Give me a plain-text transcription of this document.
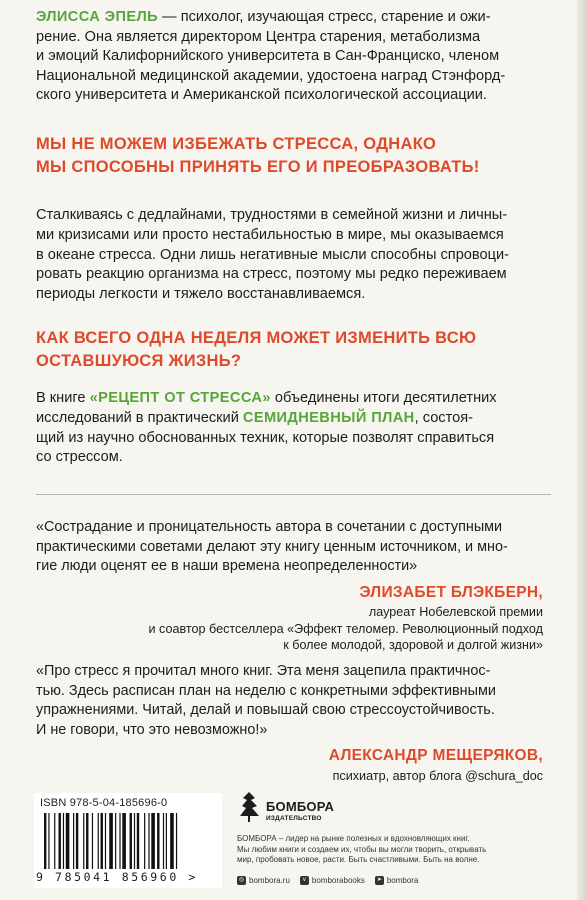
ЭЛИССА ЭПЕЛЬ — психолог, изучающая стресс, старение и ожи-
рение. Она является директором Центра старения, метаболизма
и эмоций Калифорнийского университета в Сан-Франциско, членом
Национальной медицинской академии, удостоена наград Стэнфорд-
ского университета и Американской психологической ассоциации.
МЫ НЕ МОЖЕМ ИЗБЕЖАТЬ СТРЕССА, ОДНАКО
МЫ СПОСОБНЫ ПРИНЯТЬ ЕГО И ПРЕОБРАЗОВАТЬ!
Сталкиваясь с дедлайнами, трудностями в семейной жизни и личны-
ми кризисами или просто нестабильностью в мире, мы оказываемся
в океане стресса. Одни лишь негативные мысли способны спровоци-
ровать реакцию организма на стресс, поэтому мы редко переживаем
периоды легкости и тяжело восстанавливаемся.
КАК ВСЕГО ОДНА НЕДЕЛЯ МОЖЕТ ИЗМЕНИТЬ ВСЮ
ОСТАВШУЮСЯ ЖИЗНЬ?
В книге «РЕЦЕПТ ОТ СТРЕССА» объединены итоги десятилетних
исследований в практический СЕМИДНЕВНЫЙ ПЛАН, состоя-
щий из научно обоснованных техник, которые позволят справиться
со стрессом.
«Сострадание и проницательность автора в сочетании с доступными
практическими советами делают эту книгу ценным источником, и мно-
гие люди оценят ее в наши времена неопределенности»
ЭЛИЗАБЕТ БЛЭКБЕРН,
лауреат Нобелевской премии
и соавтор бестселлера «Эффект теломер. Революционный подход
к более молодой, здоровой и долгой жизни»
«Про стресс я прочитал много книг. Эта меня зацепила практичнос-
тью. Здесь расписан план на неделю с конкретными эффективными
упражнениями. Читай, делай и повышай свою стрессоустойчивость.
И не говори, что это невозможно!»
АЛЕКСАНДР МЕЩЕРЯКОВ,
психиатр, автор блога @schura_doc
ISBN 978-5-04-185696-0
9 785041 856960 >
БОМБОРА
ИЗДАТЕЛЬСТВО
БОМБОРА – лидер на рынке полезных и вдохновляющих книг.
Мы любим книги и создаем их, чтобы вы могли творить, открывать
мир, пробовать новое, расти. Быть счастливыми. Быть на волне.
◎ bombora.ru	v bomborabooks	➤ bombora
